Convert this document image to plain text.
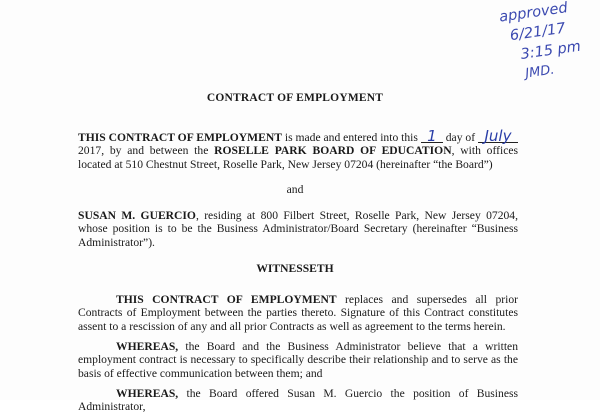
approved
6/21/17
3:15 pm
JMD.
CONTRACT OF EMPLOYMENT
THIS CONTRACT OF EMPLOYMENT is made and entered into this 1 day of July 2017, by and between the ROSELLE PARK BOARD OF EDUCATION, with offices located at 510 Chestnut Street, Roselle Park, New Jersey 07204 (hereinafter “the Board”)
and
SUSAN M. GUERCIO, residing at 800 Filbert Street, Roselle Park, New Jersey 07204, whose position is to be the Business Administrator/Board Secretary (hereinafter “Business Administrator”).
WITNESSETH
THIS CONTRACT OF EMPLOYMENT replaces and supersedes all prior Contracts of Employment between the parties thereto. Signature of this Contract constitutes assent to a rescission of any and all prior Contracts as well as agreement to the terms herein.
WHEREAS, the Board and the Business Administrator believe that a written employment contract is necessary to specifically describe their relationship and to serve as the basis of effective communication between them; and
WHEREAS, the Board offered Susan M. Guercio the position of Business Administrator,
